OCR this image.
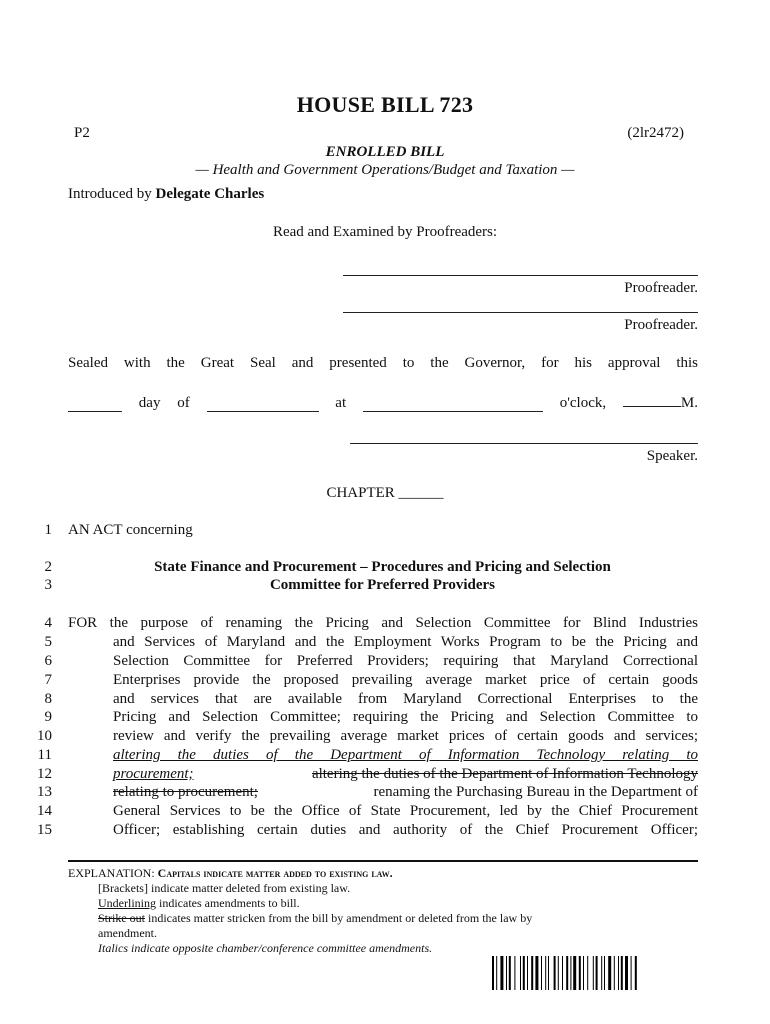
HOUSE BILL 723
P2	(2lr2472)
ENROLLED BILL
— Health and Government Operations/Budget and Taxation —
Introduced by Delegate Charles
Read and Examined by Proofreaders:
Proofreader.
Proofreader.
Sealed with the Great Seal and presented to the Governor, for his approval this
day of	at	o'clock,	M.
Speaker.
CHAPTER ______
1 AN ACT concerning
2	State Finance and Procurement – Procedures and Pricing and Selection
3	Committee for Preferred Providers
4 FOR the purpose of renaming the Pricing and Selection Committee for Blind Industries
5	and Services of Maryland and the Employment Works Program to be the Pricing and
6	Selection Committee for Preferred Providers; requiring that Maryland Correctional
7	Enterprises provide the proposed prevailing average market price of certain goods
8	and services that are available from Maryland Correctional Enterprises to the
9	Pricing and Selection Committee; requiring the Pricing and Selection Committee to
10	review and verify the prevailing average market prices of certain goods and services;
11	altering the duties of the Department of Information Technology relating to
12	procurement;	altering the duties of the Department of Information Technology
13	relating to procurement;	renaming the Purchasing Bureau in the Department of
14	General Services to be the Office of State Procurement, led by the Chief Procurement
15	Officer; establishing certain duties and authority of the Chief Procurement Officer;
EXPLANATION: Capitals indicate matter added to existing law.
[Brackets] indicate matter deleted from existing law.
Underlining indicates amendments to bill.
Strike out indicates matter stricken from the bill by amendment or deleted from the law by
amendment.
Italics indicate opposite chamber/conference committee amendments.
